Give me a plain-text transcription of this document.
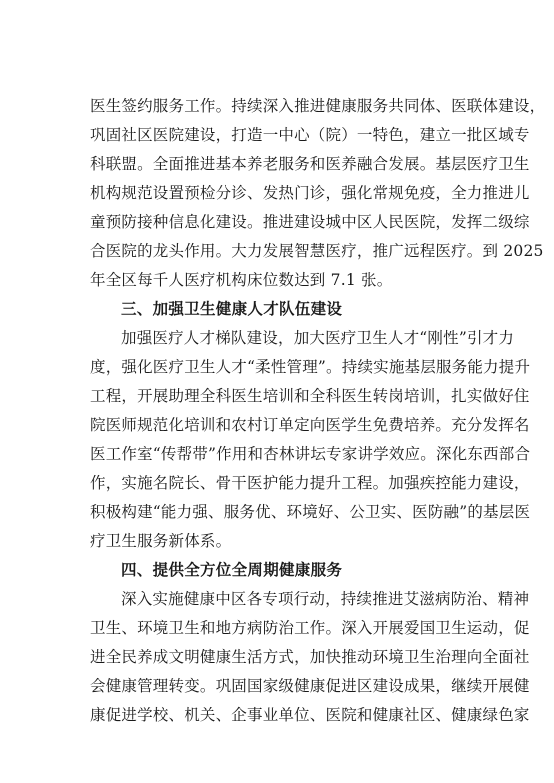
医生签约服务工作。持续深入推进健康服务共同体、医联体建设，
巩固社区医院建设，打造一中心（院）一特色，建立一批区域专
科联盟。全面推进基本养老服务和医养融合发展。基层医疗卫生
机构规范设置预检分诊、发热门诊，强化常规免疫，全力推进儿
童预防接种信息化建设。推进建设城中区人民医院，发挥二级综
合医院的龙头作用。大力发展智慧医疗，推广远程医疗。到 2025
年全区每千人医疗机构床位数达到 7.1 张。

三、加强卫生健康人才队伍建设

加强医疗人才梯队建设，加大医疗卫生人才“刚性”引才力
度，强化医疗卫生人才“柔性管理”。持续实施基层服务能力提升
工程，开展助理全科医生培训和全科医生转岗培训，扎实做好住
院医师规范化培训和农村订单定向医学生免费培养。充分发挥名
医工作室“传帮带”作用和杏林讲坛专家讲学效应。深化东西部合
作，实施名院长、骨干医护能力提升工程。加强疾控能力建设，
积极构建“能力强、服务优、环境好、公卫实、医防融”的基层医
疗卫生服务新体系。

四、提供全方位全周期健康服务

深入实施健康中区各专项行动，持续推进艾滋病防治、精神
卫生、环境卫生和地方病防治工作。深入开展爱国卫生运动，促
进全民养成文明健康生活方式，加快推动环境卫生治理向全面社
会健康管理转变。巩固国家级健康促进区建设成果，继续开展健
康促进学校、机关、企事业单位、医院和健康社区、健康绿色家
